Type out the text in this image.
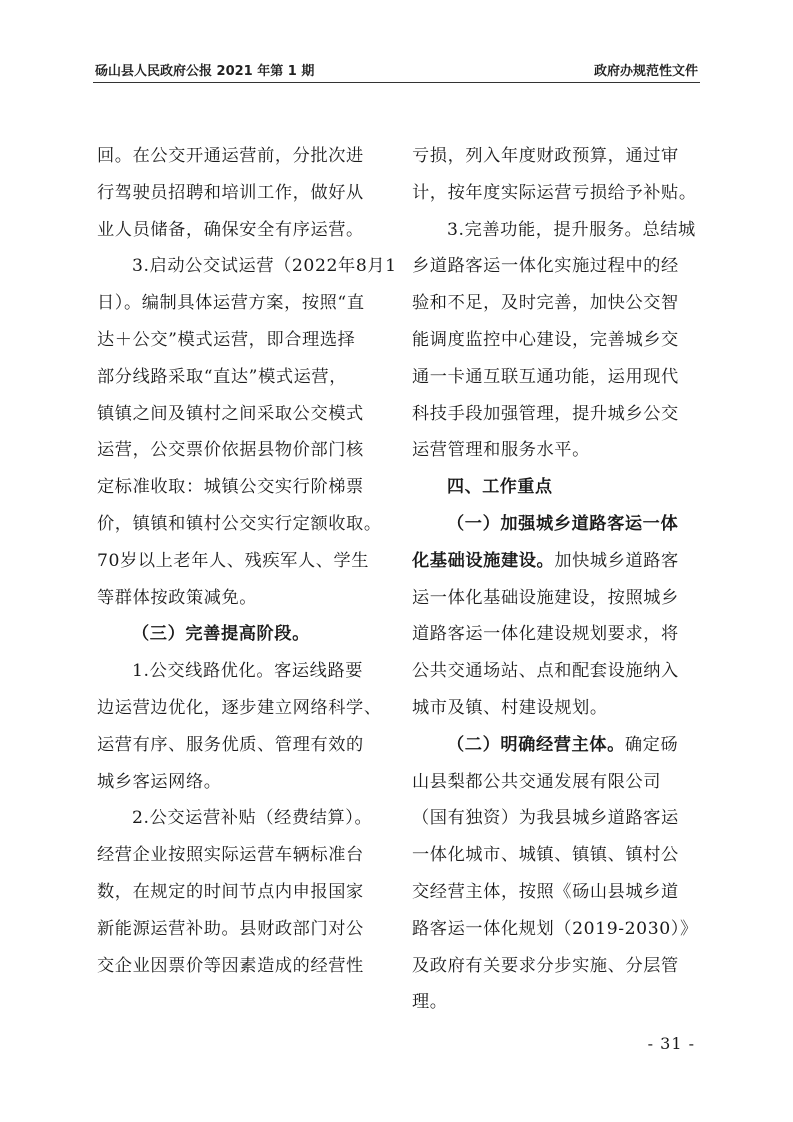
砀山县人民政府公报 2021 年第 1 期	政府办规范性文件
回。在公交开通运营前，分批次进
行驾驶员招聘和培训工作，做好从
业人员储备，确保安全有序运营。
3.启动公交试运营（2022年8月1
日）。编制具体运营方案，按照“直
达＋公交”模式运营，即合理选择
部分线路采取“直达”模式运营，
镇镇之间及镇村之间采取公交模式
运营，公交票价依据县物价部门核
定标准收取：城镇公交实行阶梯票
价，镇镇和镇村公交实行定额收取。
70岁以上老年人、残疾军人、学生
等群体按政策减免。
（三）完善提高阶段。
1.公交线路优化。客运线路要
边运营边优化，逐步建立网络科学、
运营有序、服务优质、管理有效的
城乡客运网络。
2.公交运营补贴（经费结算）。
经营企业按照实际运营车辆标准台
数，在规定的时间节点内申报国家
新能源运营补助。县财政部门对公
交企业因票价等因素造成的经营性
亏损，列入年度财政预算，通过审
计，按年度实际运营亏损给予补贴。
3.完善功能，提升服务。总结城
乡道路客运一体化实施过程中的经
验和不足，及时完善，加快公交智
能调度监控中心建设，完善城乡交
通一卡通互联互通功能，运用现代
科技手段加强管理，提升城乡公交
运营管理和服务水平。
四、工作重点
（一）加强城乡道路客运一体
化基础设施建设。加快城乡道路客
运一体化基础设施建设，按照城乡
道路客运一体化建设规划要求，将
公共交通场站、点和配套设施纳入
城市及镇、村建设规划。
（二）明确经营主体。确定砀
山县梨都公共交通发展有限公司
（国有独资）为我县城乡道路客运
一体化城市、城镇、镇镇、镇村公
交经营主体，按照《砀山县城乡道
路客运一体化规划（2019-2030）》
及政府有关要求分步实施、分层管
理。
- 31 -
